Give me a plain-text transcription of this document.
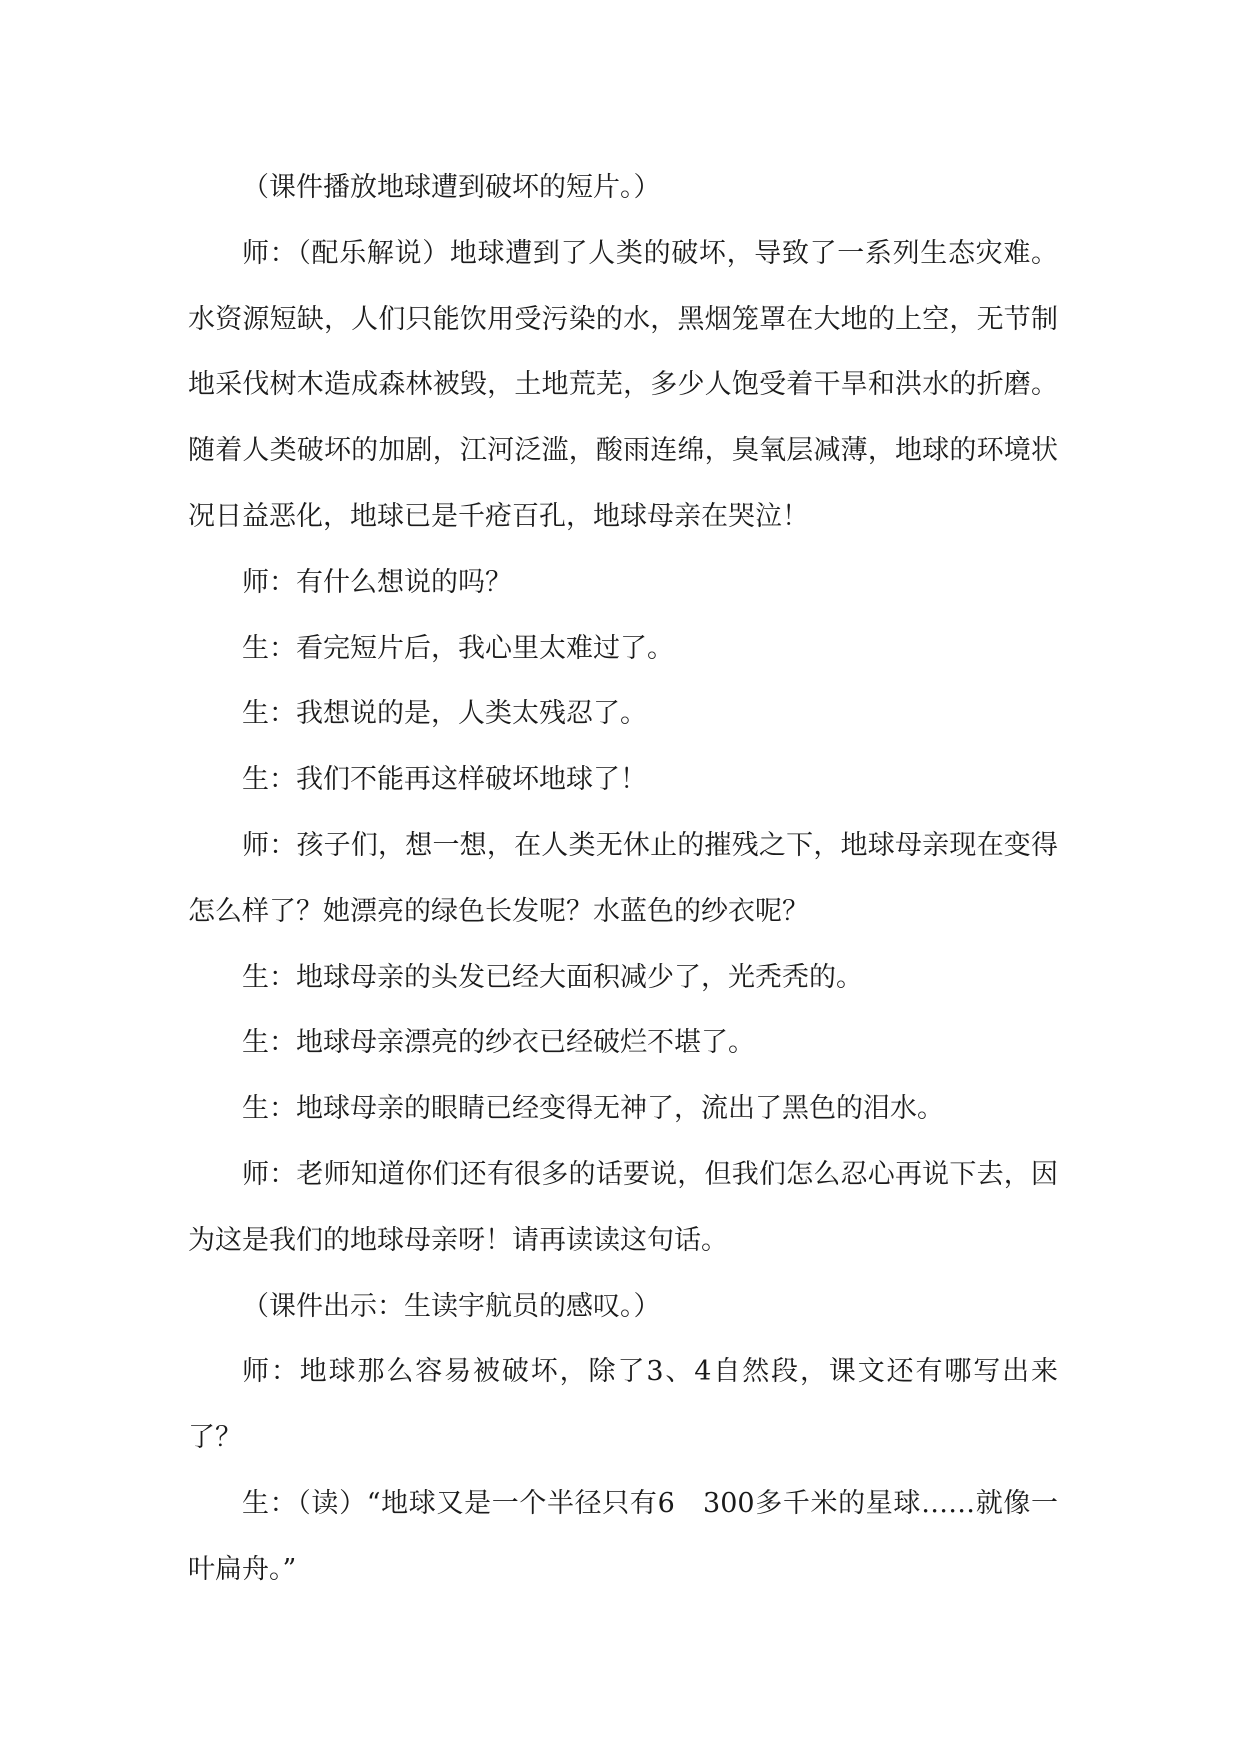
（课件播放地球遭到破坏的短片。）

师：（配乐解说）地球遭到了人类的破坏，导致了一系列生态灾难。水资源短缺，人们只能饮用受污染的水，黑烟笼罩在大地的上空，无节制地采伐树木造成森林被毁，土地荒芜，多少人饱受着干旱和洪水的折磨。随着人类破坏的加剧，江河泛滥，酸雨连绵，臭氧层减薄，地球的环境状况日益恶化，地球已是千疮百孔，地球母亲在哭泣！

师：有什么想说的吗？

生：看完短片后，我心里太难过了。

生：我想说的是，人类太残忍了。

生：我们不能再这样破坏地球了！

师：孩子们，想一想，在人类无休止的摧残之下，地球母亲现在变得怎么样了？她漂亮的绿色长发呢？水蓝色的纱衣呢？

生：地球母亲的头发已经大面积减少了，光秃秃的。

生：地球母亲漂亮的纱衣已经破烂不堪了。

生：地球母亲的眼睛已经变得无神了，流出了黑色的泪水。

师：老师知道你们还有很多的话要说，但我们怎么忍心再说下去，因为这是我们的地球母亲呀！请再读读这句话。

（课件出示：生读宇航员的感叹。）

师：地球那么容易被破坏，除了3、4自然段，课文还有哪写出来了？

生：（读）“地球又是一个半径只有6　300多千米的星球……就像一叶扁舟。”
